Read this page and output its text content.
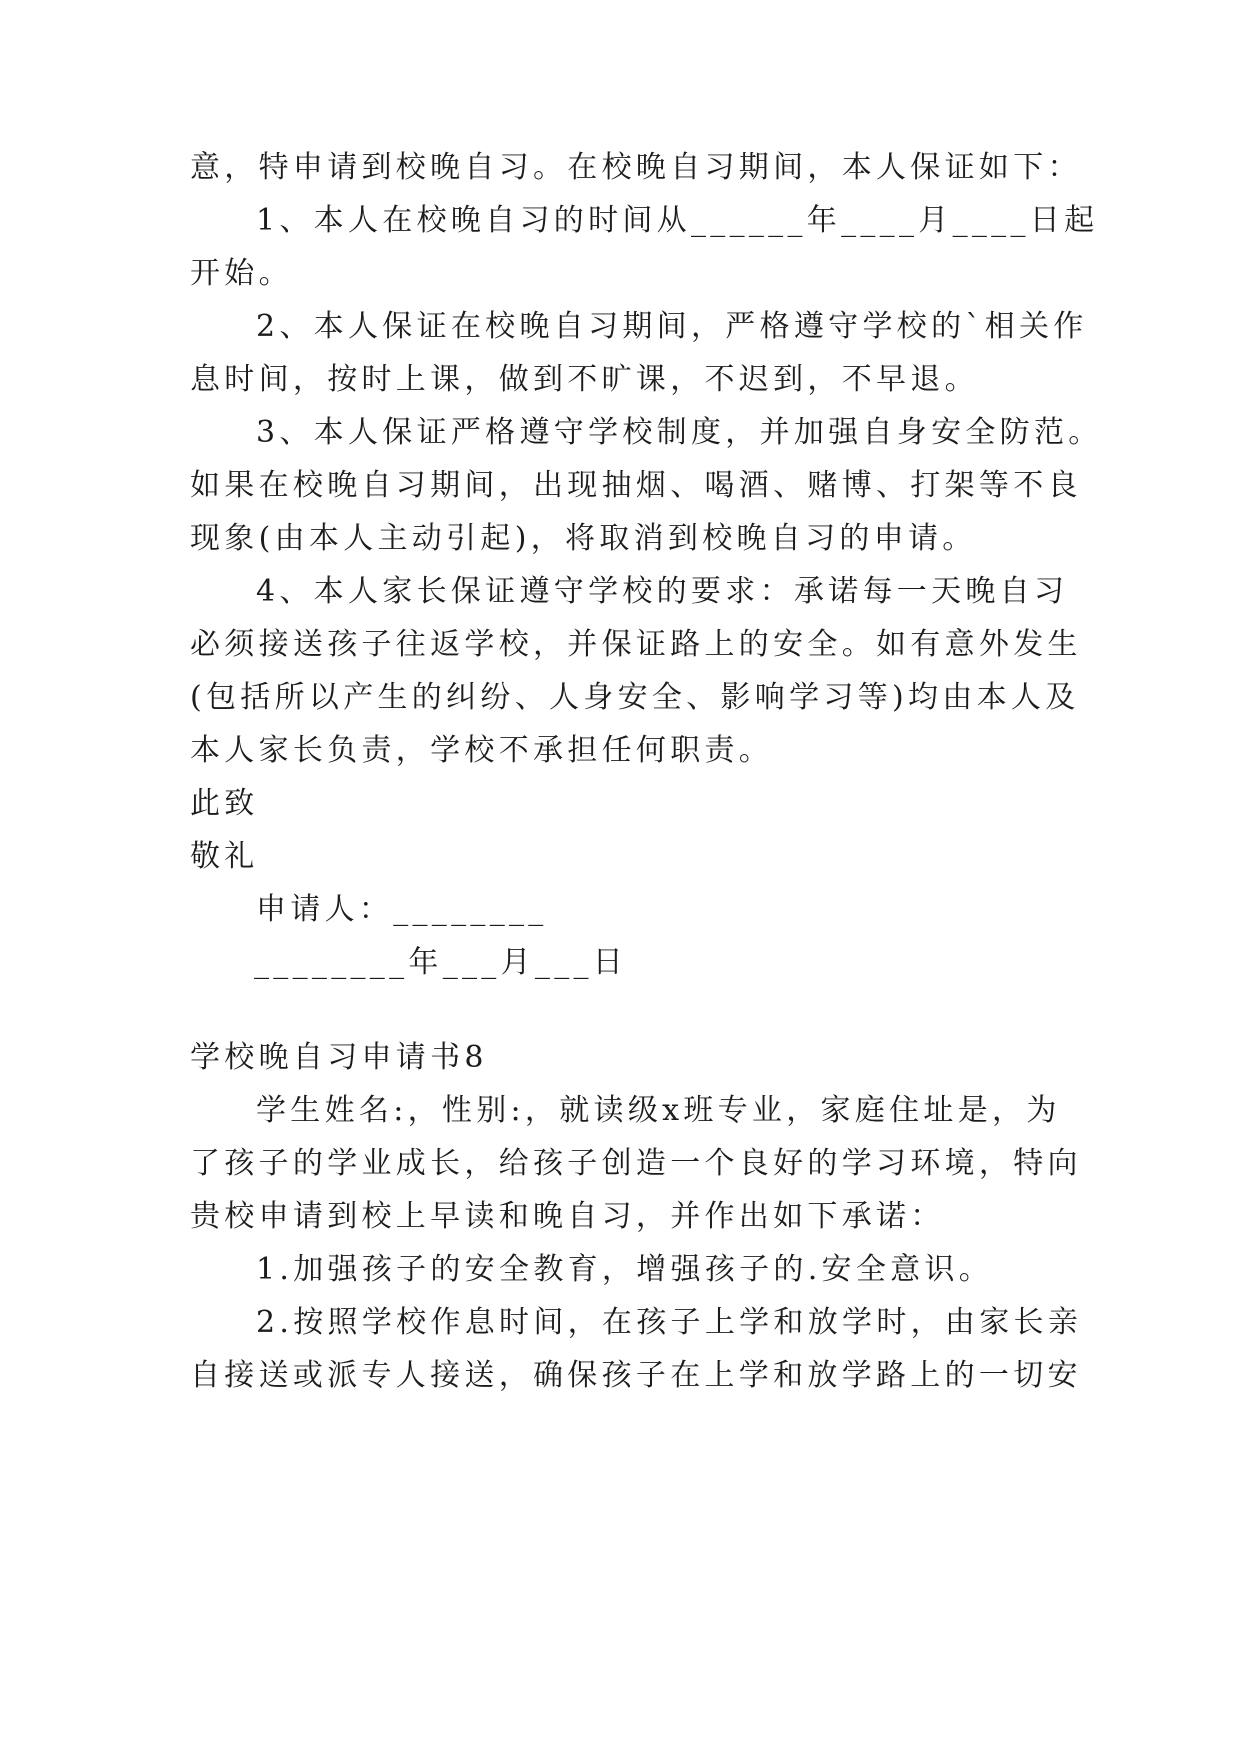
意，特申请到校晚自习。在校晚自习期间，本人保证如下：
1、本人在校晚自习的时间从______年____月____日起
开始。
2、本人保证在校晚自习期间，严格遵守学校的`相关作
息时间，按时上课，做到不旷课，不迟到，不早退。
3、本人保证严格遵守学校制度，并加强自身安全防范。
如果在校晚自习期间，出现抽烟、喝酒、赌博、打架等不良
现象(由本人主动引起)，将取消到校晚自习的申请。
4、本人家长保证遵守学校的要求：承诺每一天晚自习
必须接送孩子往返学校，并保证路上的安全。如有意外发生
(包括所以产生的纠纷、人身安全、影响学习等)均由本人及
本人家长负责，学校不承担任何职责。
此致
敬礼
申请人：________
________年___月___日
学校晚自习申请书8
学生姓名:，性别:，就读级x班专业，家庭住址是，为
了孩子的学业成长，给孩子创造一个良好的学习环境，特向
贵校申请到校上早读和晚自习，并作出如下承诺：
1.加强孩子的安全教育，增强孩子的.安全意识。
2.按照学校作息时间，在孩子上学和放学时，由家长亲
自接送或派专人接送，确保孩子在上学和放学路上的一切安
